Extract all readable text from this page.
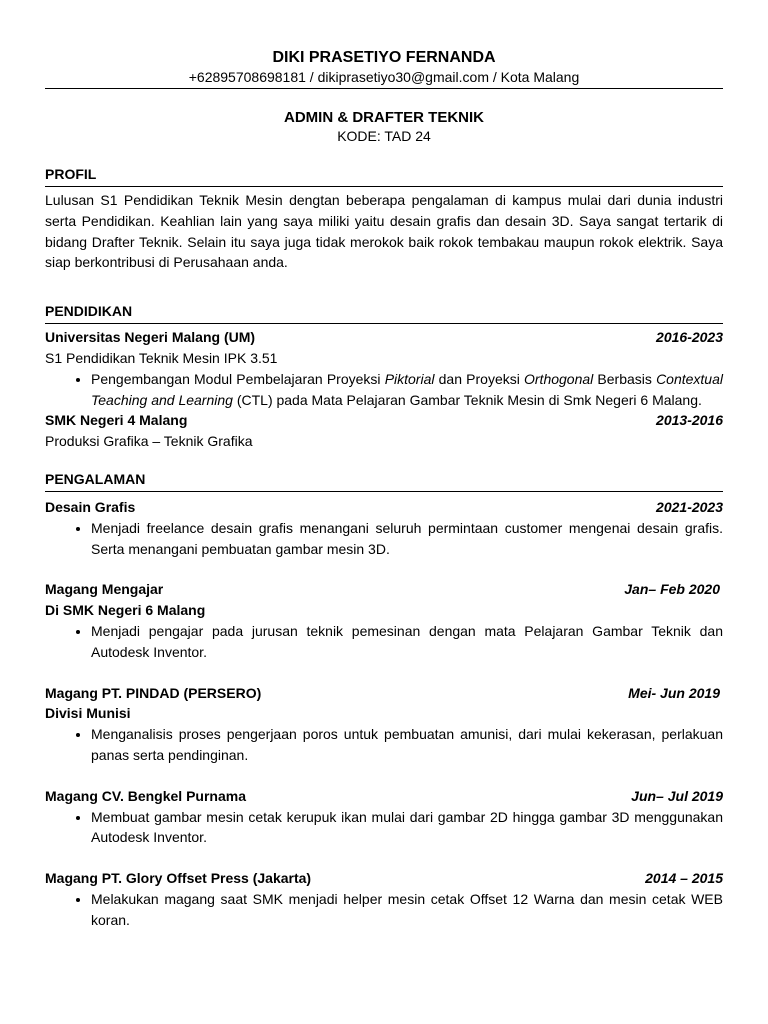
DIKI PRASETIYO FERNANDA
+62895708698181 / dikiprasetiyo30@gmail.com / Kota Malang
ADMIN & DRAFTER TEKNIK
KODE: TAD 24
PROFIL
Lulusan S1 Pendidikan Teknik Mesin dengtan beberapa pengalaman di kampus mulai dari dunia industri serta Pendidikan. Keahlian lain yang saya miliki yaitu desain grafis dan desain 3D. Saya sangat tertarik di bidang Drafter Teknik. Selain itu saya juga tidak merokok baik rokok tembakau maupun rokok elektrik. Saya siap berkontribusi di Perusahaan anda.
PENDIDIKAN
Universitas Negeri Malang (UM)	2016-2023
S1 Pendidikan Teknik Mesin IPK 3.51
• Pengembangan Modul Pembelajaran Proyeksi Piktorial dan Proyeksi Orthogonal Berbasis Contextual Teaching and Learning (CTL) pada Mata Pelajaran Gambar Teknik Mesin di Smk Negeri 6 Malang.
SMK Negeri 4 Malang	2013-2016
Produksi Grafika – Teknik Grafika
PENGALAMAN
Desain Grafis	2021-2023
• Menjadi freelance desain grafis menangani seluruh permintaan customer mengenai desain grafis. Serta menangani pembuatan gambar mesin 3D.
Magang Mengajar	Jan– Feb 2020
Di SMK Negeri 6 Malang
• Menjadi pengajar pada jurusan teknik pemesinan dengan mata Pelajaran Gambar Teknik dan Autodesk Inventor.
Magang PT. PINDAD (PERSERO)	Mei- Jun 2019
Divisi Munisi
• Menganalisis proses pengerjaan poros untuk pembuatan amunisi, dari mulai kekerasan, perlakuan panas serta pendinginan.
Magang CV. Bengkel Purnama	Jun– Jul 2019
• Membuat gambar mesin cetak kerupuk ikan mulai dari gambar 2D hingga gambar 3D menggunakan Autodesk Inventor.
Magang PT. Glory Offset Press (Jakarta)	2014 – 2015
• Melakukan magang saat SMK menjadi helper mesin cetak Offset 12 Warna dan mesin cetak WEB koran.
